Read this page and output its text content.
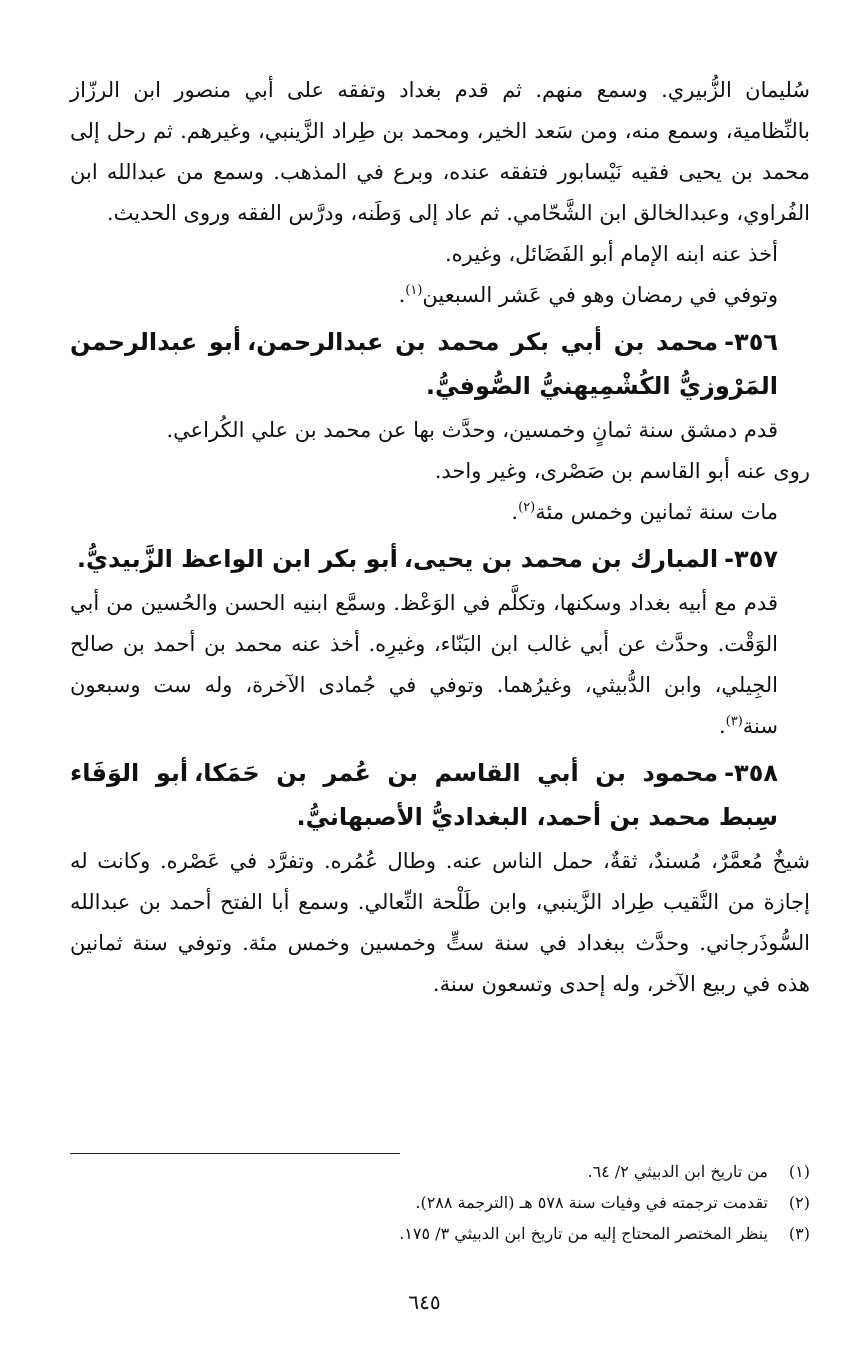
سُليمان الزُّبيري. وسمع منهم. ثم قدم بغداد وتفقه على أبي منصور ابن الرزّاز بالنِّظامية، وسمع منه، ومن سَعد الخير، ومحمد بن طِراد الزَّينبي، وغيرهم. ثم رحل إلى محمد بن يحيى فقيه نَيْسابور فتفقه عنده، وبرع في المذهب. وسمع من عبدالله ابن الفُراوي، وعبدالخالق ابن الشَّحّامي. ثم عاد إلى وَطَنه، ودرَّس الفقه وروى الحديث.

أخذ عنه ابنه الإمام أبو الفَضَائل، وغيره.

وتوفي في رمضان وهو في عَشر السبعين$^{(١)}$.

٣٥٦-محمد بن أبي بكر محمد بن عبدالرحمن،أبو عبدالرحمن المَرْوزيُّ الكُشْمِيهنيُّ الصُّوفيُّ.

قدم دمشق سنة ثمانٍ وخمسين، وحدَّث بها عن محمد بن علي الكُراعي.

روى عنه أبو القاسم بن صَصْرى، وغير واحد.

مات سنة ثمانين وخمس مئة$^{(٢)}$.

٣٥٧-المبارك بن محمد بن يحيى،أبو بكر ابن الواعظ الزَّبيديُّ.

قدم مع أبيه بغداد وسكنها، وتكلَّم في الوَعْظ. وسمَّع ابنيه الحسن والحُسين من أبي الوَقْت. وحدَّث عن أبي غالب ابن البَنّاء، وغيرِه. أخذ عنه محمد بن أحمد بن صالح الجِيلي، وابن الدُّبيثي، وغيرُهما. وتوفي في جُمادى الآخرة، وله ست وسبعون سنة$^{(٣)}$.

٣٥٨-محمود بن أبي القاسم بن عُمر بن حَمَكا،أبو الوَفَاء سِبط محمد بن أحمد، البغداديُّ الأصبهانيُّ.

شيخٌ مُعمَّرٌ، مُسندٌ، ثقةٌ، حمل الناس عنه. وطال عُمُره. وتفرَّد في عَصْره. وكانت له إجازة من النَّقيب طِراد الزَّينبي، وابن طَلْحة النِّعالي. وسمع أبا الفتح أحمد بن عبدالله السُّوذَرجاني. وحدَّث ببغداد في سنة ستٍّ وخمسين وخمس مئة. وتوفي سنة ثمانين هذه في ربيع الآخر، وله إحدى وتسعون سنة.

(١)من تاريخ ابن الدبيثي ٢/ ٦٤.

(٢)تقدمت ترجمته في وفيات سنة ٥٧٨ هـ (الترجمة ٢٨٨).

(٣)ينظر المختصر المحتاج إليه من تاريخ ابن الدبيثي ٣/ ١٧٥.

٦٤٥
